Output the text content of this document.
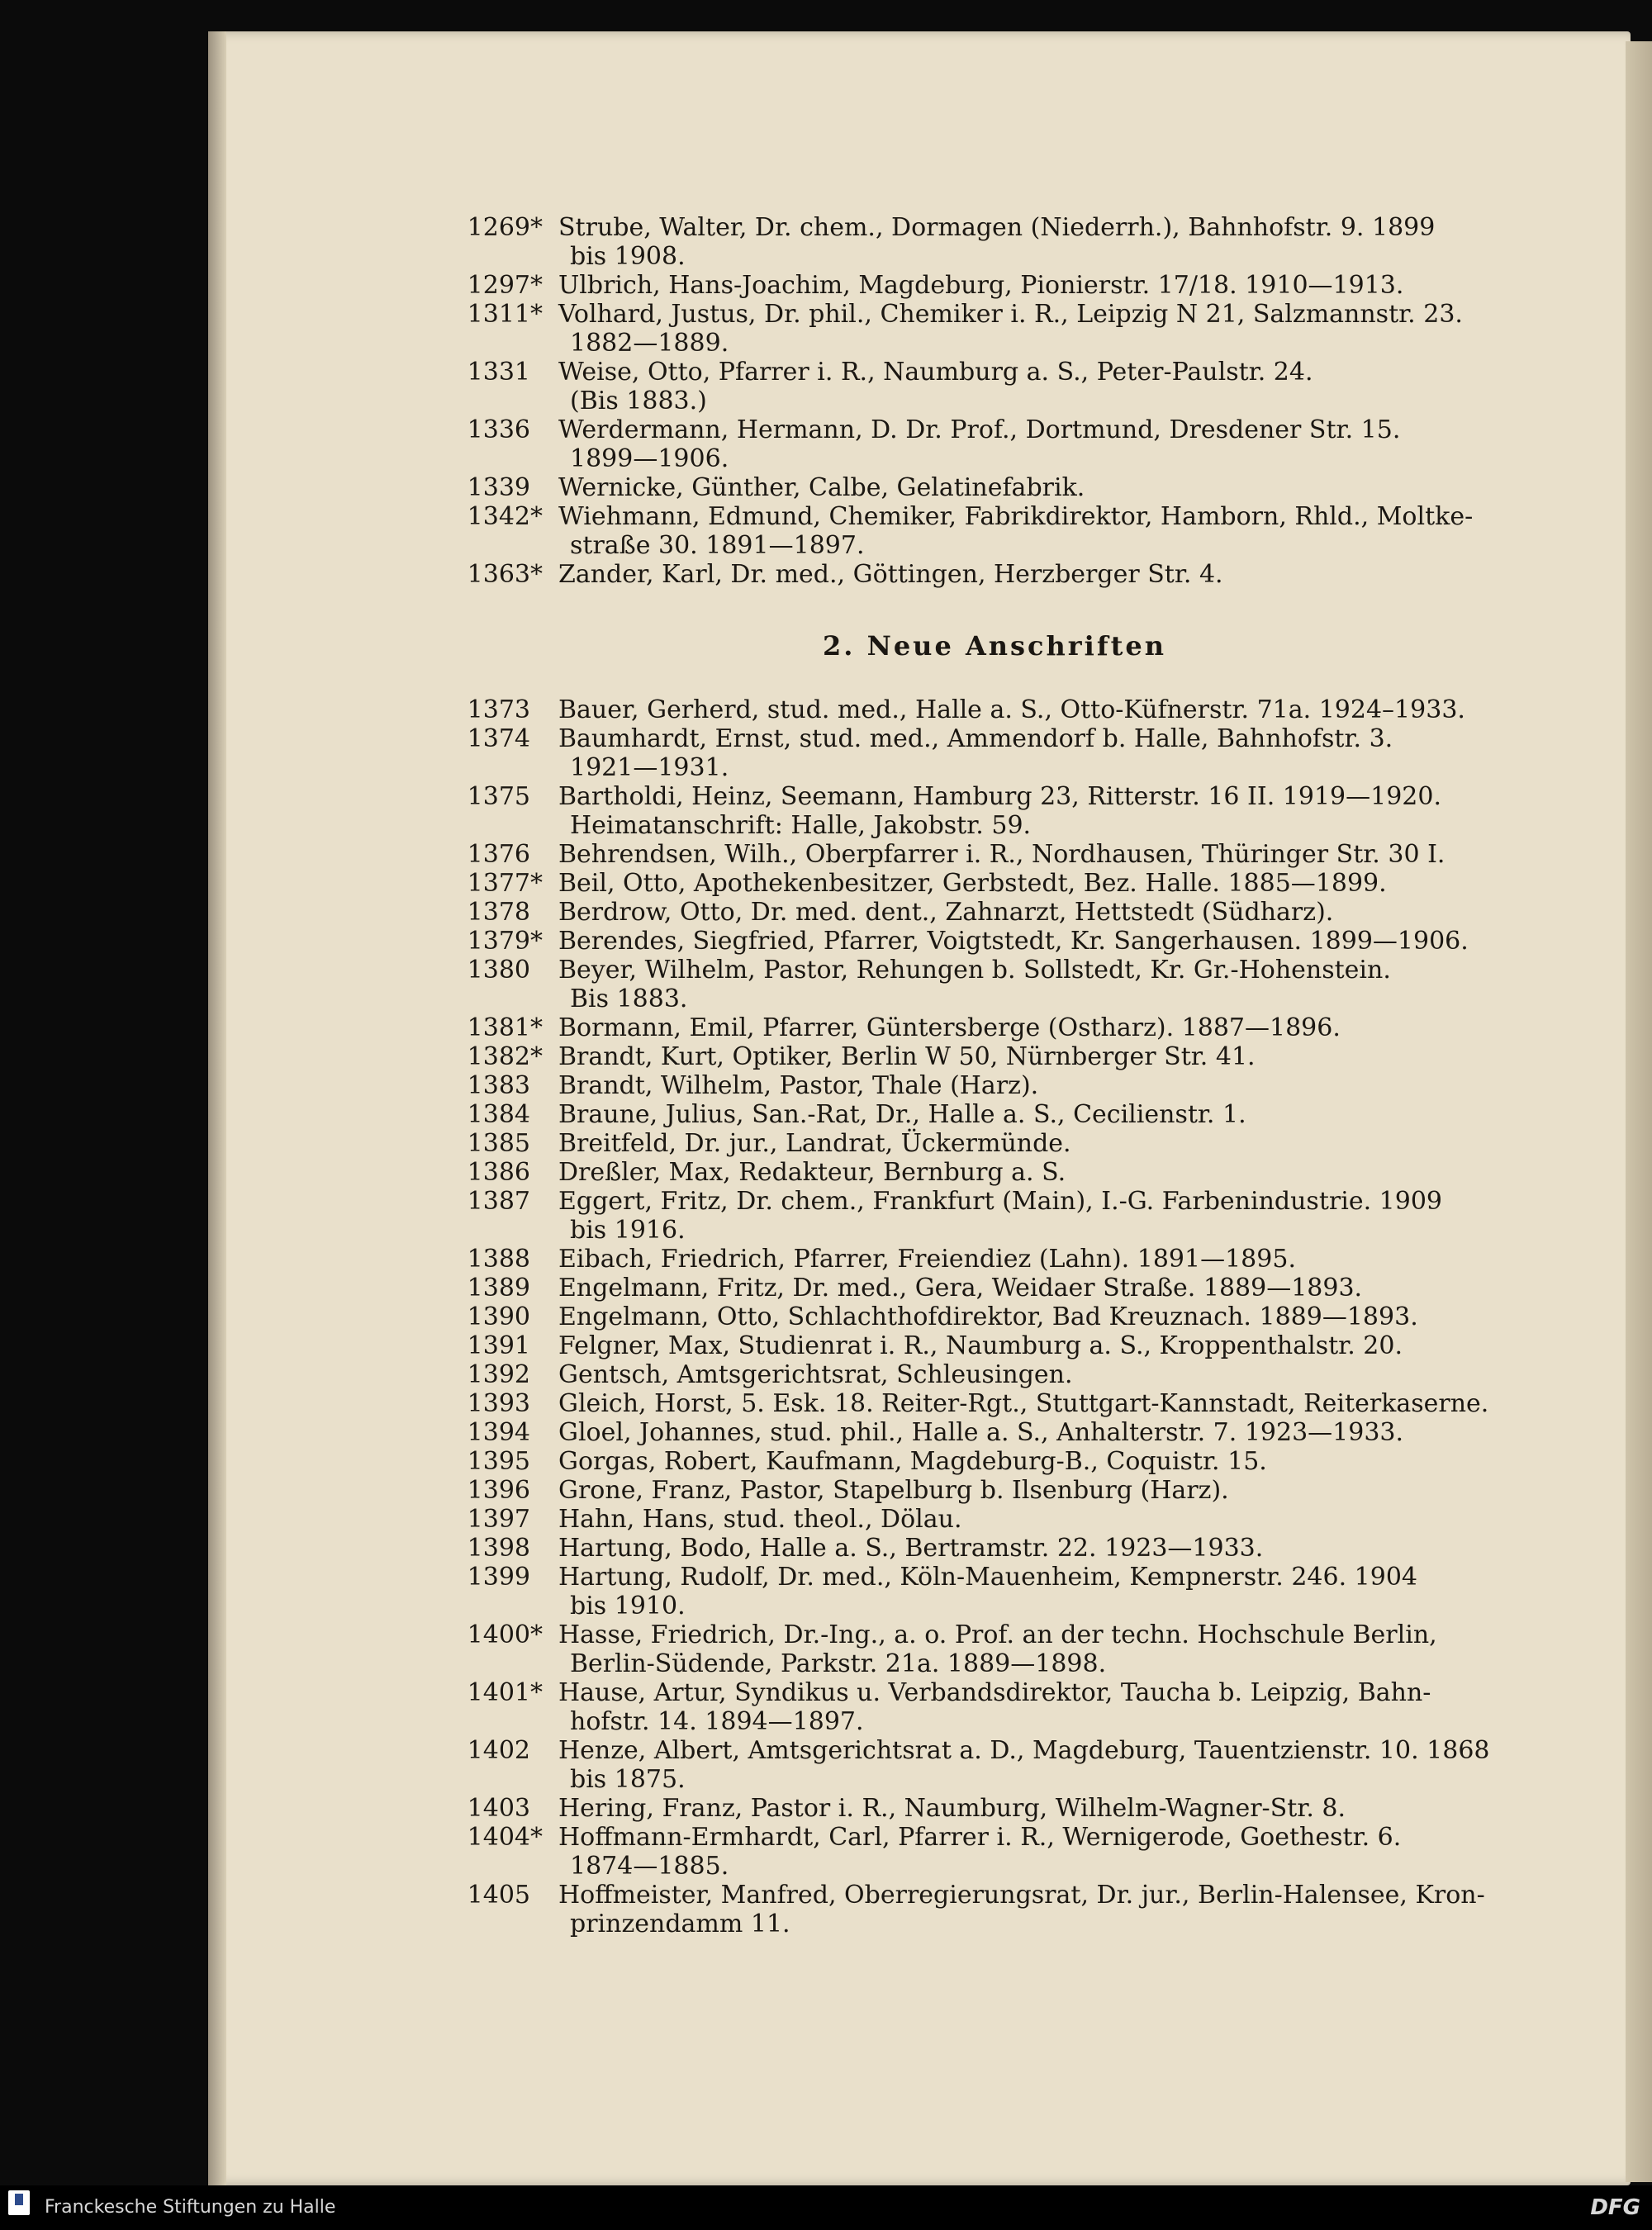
1269 * Strube, Walter, Dr. chem., Dormagen (Niederrh.), Bahnhofstr. 9. 1899
bis 1908.
1297 * Ulbrich, Hans-Joachim, Magdeburg, Pionierstr. 17/18. 1910—1913.
1311 * Volhard, Justus, Dr. phil., Chemiker i. R., Leipzig N 21, Salzmannstr. 23.
1882—1889.
1331 Weise, Otto, Pfarrer i. R., Naumburg a. S., Peter-Paulstr. 24.
(Bis 1883.)
1336 Werdermann, Hermann, D. Dr. Prof., Dortmund, Dresdener Str. 15.
1899—1906.
1339 Wernicke, Günther, Calbe, Gelatinefabrik.
1342 * Wiehmann, Edmund, Chemiker, Fabrikdirektor, Hamborn, Rhld., Moltke-
straße 30. 1891—1897.
1363 * Zander, Karl, Dr. med., Göttingen, Herzberger Str. 4.
2. Neue Anschriften
1373 Bauer, Gerherd, stud. med., Halle a. S., Otto-Küfnerstr. 71a. 1924–1933.
1374 Baumhardt, Ernst, stud. med., Ammendorf b. Halle, Bahnhofstr. 3.
1921—1931.
1375 Bartholdi, Heinz, Seemann, Hamburg 23, Ritterstr. 16 II. 1919—1920.
Heimatanschrift: Halle, Jakobstr. 59.
1376 Behrendsen, Wilh., Oberpfarrer i. R., Nordhausen, Thüringer Str. 30 I.
1377 * Beil, Otto, Apothekenbesitzer, Gerbstedt, Bez. Halle. 1885—1899.
1378 Berdrow, Otto, Dr. med. dent., Zahnarzt, Hettstedt (Südharz).
1379 * Berendes, Siegfried, Pfarrer, Voigtstedt, Kr. Sangerhausen. 1899—1906.
1380 Beyer, Wilhelm, Pastor, Rehungen b. Sollstedt, Kr. Gr.-Hohenstein.
Bis 1883.
1381 * Bormann, Emil, Pfarrer, Güntersberge (Ostharz). 1887—1896.
1382 * Brandt, Kurt, Optiker, Berlin W 50, Nürnberger Str. 41.
1383 Brandt, Wilhelm, Pastor, Thale (Harz).
1384 Braune, Julius, San.-Rat, Dr., Halle a. S., Cecilienstr. 1.
1385 Breitfeld, Dr. jur., Landrat, Ückermünde.
1386 Dreßler, Max, Redakteur, Bernburg a. S.
1387 Eggert, Fritz, Dr. chem., Frankfurt (Main), I.-G. Farbenindustrie. 1909
bis 1916.
1388 Eibach, Friedrich, Pfarrer, Freiendiez (Lahn). 1891—1895.
1389 Engelmann, Fritz, Dr. med., Gera, Weidaer Straße. 1889—1893.
1390 Engelmann, Otto, Schlachthofdirektor, Bad Kreuznach. 1889—1893.
1391 Felgner, Max, Studienrat i. R., Naumburg a. S., Kroppenthalstr. 20.
1392 Gentsch, Amtsgerichtsrat, Schleusingen.
1393 Gleich, Horst, 5. Esk. 18. Reiter-Rgt., Stuttgart-Kannstadt, Reiterkaserne.
1394 Gloel, Johannes, stud. phil., Halle a. S., Anhalterstr. 7. 1923—1933.
1395 Gorgas, Robert, Kaufmann, Magdeburg-B., Coquistr. 15.
1396 Grone, Franz, Pastor, Stapelburg b. Ilsenburg (Harz).
1397 Hahn, Hans, stud. theol., Dölau.
1398 Hartung, Bodo, Halle a. S., Bertramstr. 22. 1923—1933.
1399 Hartung, Rudolf, Dr. med., Köln-Mauenheim, Kempnerstr. 246. 1904
bis 1910.
1400 * Hasse, Friedrich, Dr.-Ing., a. o. Prof. an der techn. Hochschule Berlin,
Berlin-Südende, Parkstr. 21a. 1889—1898.
1401 * Hause, Artur, Syndikus u. Verbandsdirektor, Taucha b. Leipzig, Bahn-
hofstr. 14. 1894—1897.
1402 Henze, Albert, Amtsgerichtsrat a. D., Magdeburg, Tauentzienstr. 10. 1868
bis 1875.
1403 Hering, Franz, Pastor i. R., Naumburg, Wilhelm-Wagner-Str. 8.
1404 * Hoffmann-Ermhardt, Carl, Pfarrer i. R., Wernigerode, Goethestr. 6.
1874—1885.
1405 Hoffmeister, Manfred, Oberregierungsrat, Dr. jur., Berlin-Halensee, Kron-
prinzendamm 11.
Franckesche Stiftungen zu Halle	DFG
